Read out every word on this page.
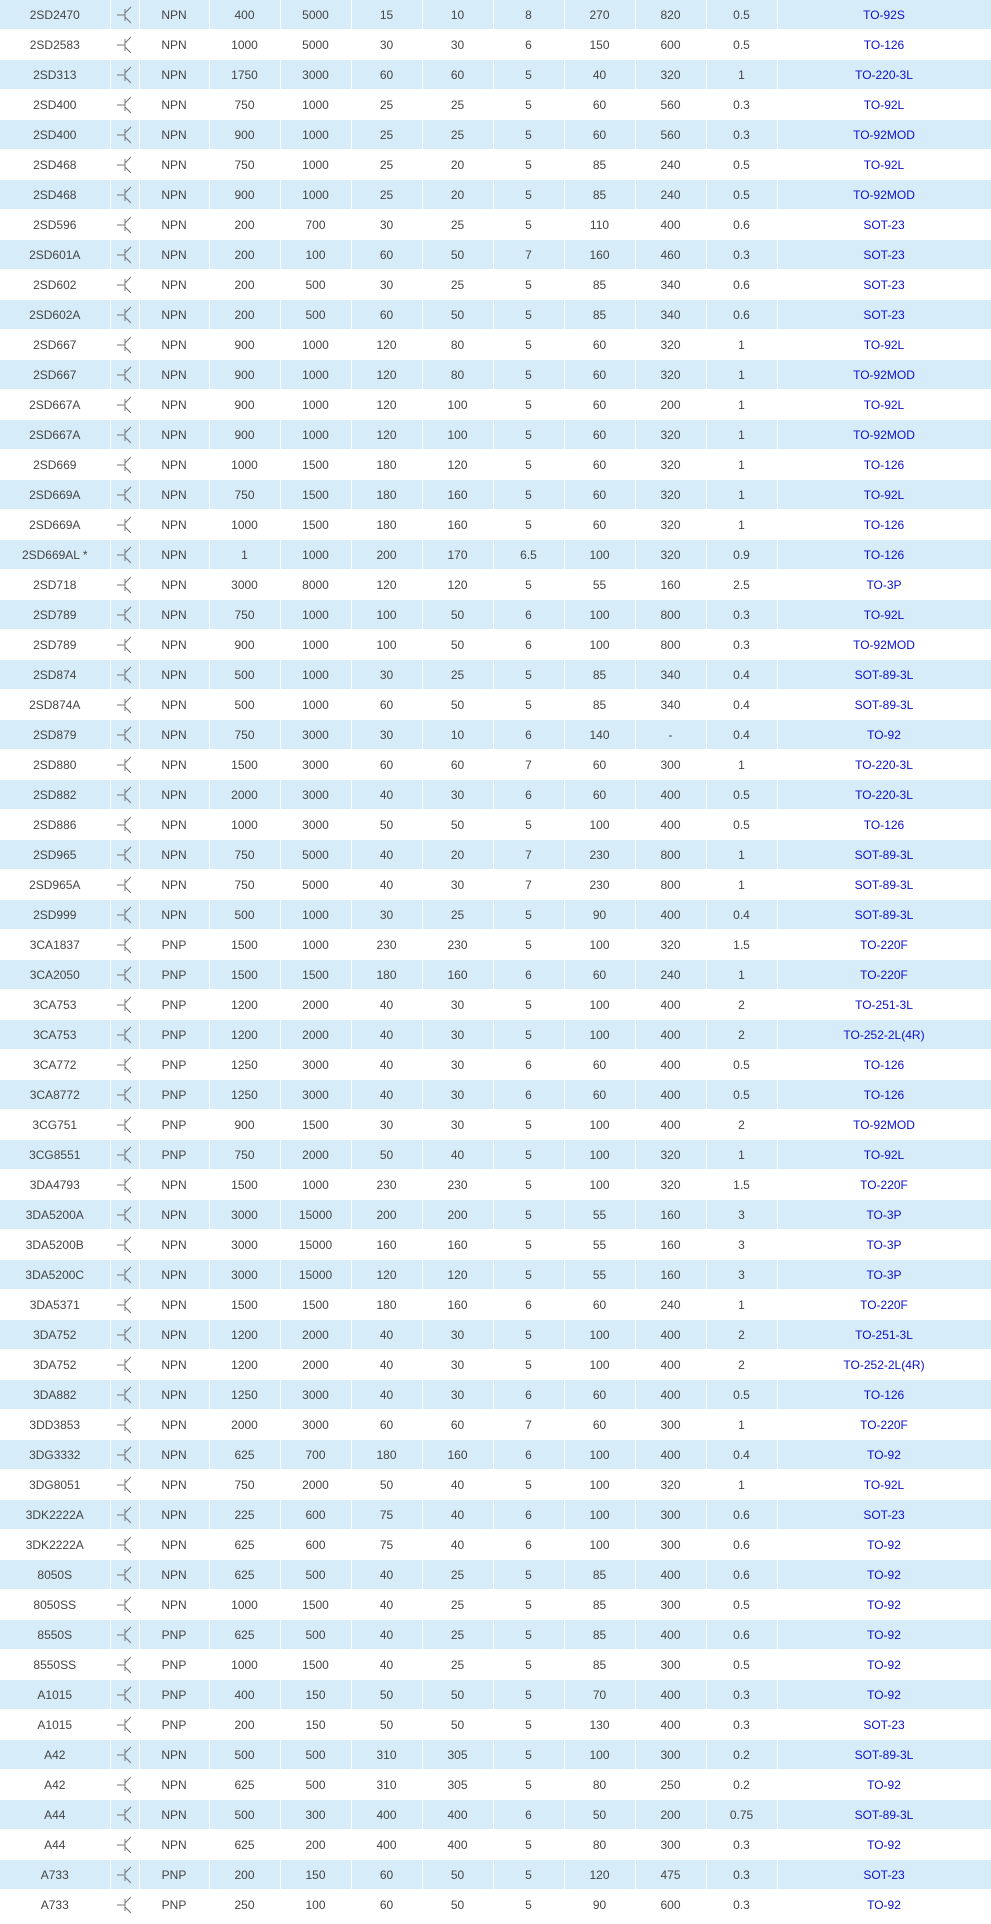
2SD2470		NPN	400	5000	15	10	8	270	820	0.5	TO-92S
2SD2583		NPN	1000	5000	30	30	6	150	600	0.5	TO-126
2SD313		NPN	1750	3000	60	60	5	40	320	1	TO-220-3L
2SD400		NPN	750	1000	25	25	5	60	560	0.3	TO-92L
2SD400		NPN	900	1000	25	25	5	60	560	0.3	TO-92MOD
2SD468		NPN	750	1000	25	20	5	85	240	0.5	TO-92L
2SD468		NPN	900	1000	25	20	5	85	240	0.5	TO-92MOD
2SD596		NPN	200	700	30	25	5	110	400	0.6	SOT-23
2SD601A		NPN	200	100	60	50	7	160	460	0.3	SOT-23
2SD602		NPN	200	500	30	25	5	85	340	0.6	SOT-23
2SD602A		NPN	200	500	60	50	5	85	340	0.6	SOT-23
2SD667		NPN	900	1000	120	80	5	60	320	1	TO-92L
2SD667		NPN	900	1000	120	80	5	60	320	1	TO-92MOD
2SD667A		NPN	900	1000	120	100	5	60	200	1	TO-92L
2SD667A		NPN	900	1000	120	100	5	60	320	1	TO-92MOD
2SD669		NPN	1000	1500	180	120	5	60	320	1	TO-126
2SD669A		NPN	750	1500	180	160	5	60	320	1	TO-92L
2SD669A		NPN	1000	1500	180	160	5	60	320	1	TO-126
2SD669AL *		NPN	1	1000	200	170	6.5	100	320	0.9	TO-126
2SD718		NPN	3000	8000	120	120	5	55	160	2.5	TO-3P
2SD789		NPN	750	1000	100	50	6	100	800	0.3	TO-92L
2SD789		NPN	900	1000	100	50	6	100	800	0.3	TO-92MOD
2SD874		NPN	500	1000	30	25	5	85	340	0.4	SOT-89-3L
2SD874A		NPN	500	1000	60	50	5	85	340	0.4	SOT-89-3L
2SD879		NPN	750	3000	30	10	6	140	-	0.4	TO-92
2SD880		NPN	1500	3000	60	60	7	60	300	1	TO-220-3L
2SD882		NPN	2000	3000	40	30	6	60	400	0.5	TO-220-3L
2SD886		NPN	1000	3000	50	50	5	100	400	0.5	TO-126
2SD965		NPN	750	5000	40	20	7	230	800	1	SOT-89-3L
2SD965A		NPN	750	5000	40	30	7	230	800	1	SOT-89-3L
2SD999		NPN	500	1000	30	25	5	90	400	0.4	SOT-89-3L
3CA1837		PNP	1500	1000	230	230	5	100	320	1.5	TO-220F
3CA2050		PNP	1500	1500	180	160	6	60	240	1	TO-220F
3CA753		PNP	1200	2000	40	30	5	100	400	2	TO-251-3L
3CA753		PNP	1200	2000	40	30	5	100	400	2	TO-252-2L(4R)
3CA772		PNP	1250	3000	40	30	6	60	400	0.5	TO-126
3CA8772		PNP	1250	3000	40	30	6	60	400	0.5	TO-126
3CG751		PNP	900	1500	30	30	5	100	400	2	TO-92MOD
3CG8551		PNP	750	2000	50	40	5	100	320	1	TO-92L
3DA4793		NPN	1500	1000	230	230	5	100	320	1.5	TO-220F
3DA5200A		NPN	3000	15000	200	200	5	55	160	3	TO-3P
3DA5200B		NPN	3000	15000	160	160	5	55	160	3	TO-3P
3DA5200C		NPN	3000	15000	120	120	5	55	160	3	TO-3P
3DA5371		NPN	1500	1500	180	160	6	60	240	1	TO-220F
3DA752		NPN	1200	2000	40	30	5	100	400	2	TO-251-3L
3DA752		NPN	1200	2000	40	30	5	100	400	2	TO-252-2L(4R)
3DA882		NPN	1250	3000	40	30	6	60	400	0.5	TO-126
3DD3853		NPN	2000	3000	60	60	7	60	300	1	TO-220F
3DG3332		NPN	625	700	180	160	6	100	400	0.4	TO-92
3DG8051		NPN	750	2000	50	40	5	100	320	1	TO-92L
3DK2222A		NPN	225	600	75	40	6	100	300	0.6	SOT-23
3DK2222A		NPN	625	600	75	40	6	100	300	0.6	TO-92
8050S		NPN	625	500	40	25	5	85	400	0.6	TO-92
8050SS		NPN	1000	1500	40	25	5	85	300	0.5	TO-92
8550S		PNP	625	500	40	25	5	85	400	0.6	TO-92
8550SS		PNP	1000	1500	40	25	5	85	300	0.5	TO-92
A1015		PNP	400	150	50	50	5	70	400	0.3	TO-92
A1015		PNP	200	150	50	50	5	130	400	0.3	SOT-23
A42		NPN	500	500	310	305	5	100	300	0.2	SOT-89-3L
A42		NPN	625	500	310	305	5	80	250	0.2	TO-92
A44		NPN	500	300	400	400	6	50	200	0.75	SOT-89-3L
A44		NPN	625	200	400	400	5	80	300	0.3	TO-92
A733		PNP	200	150	60	50	5	120	475	0.3	SOT-23
A733		PNP	250	100	60	50	5	90	600	0.3	TO-92
